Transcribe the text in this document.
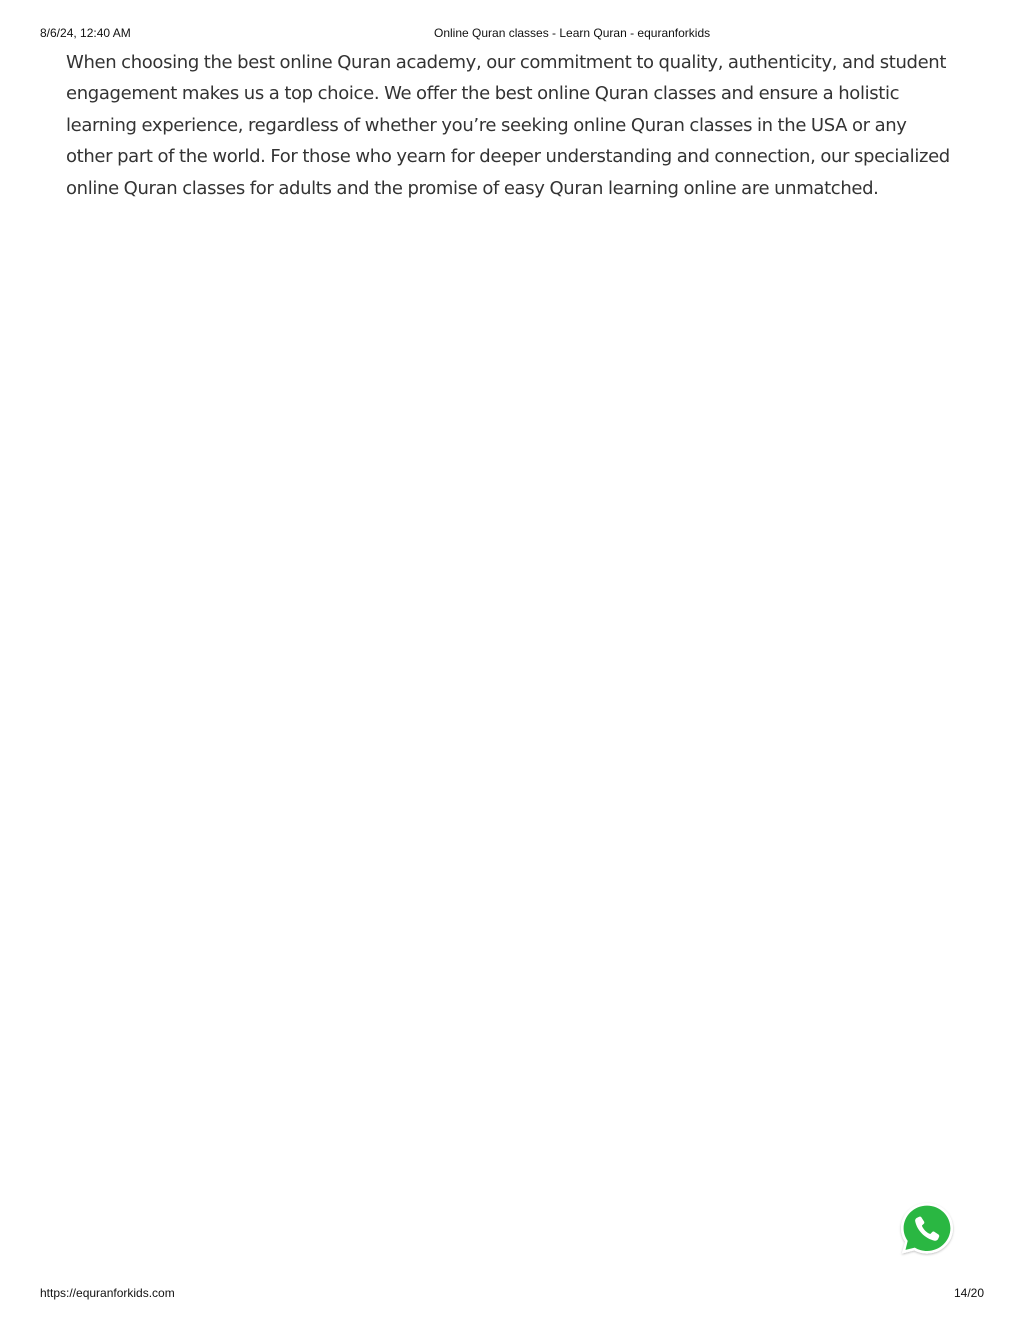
8/6/24, 12:40 AM	Online Quran classes - Learn Quran - equranforkids

When choosing the best online Quran academy, our commitment to quality, authenticity, and student engagement makes us a top choice. We offer the best online Quran classes and ensure a holistic learning experience, regardless of whether you’re seeking online Quran classes in the USA or any other part of the world. For those who yearn for deeper understanding and connection, our specialized online Quran classes for adults and the promise of easy Quran learning online are unmatched.

https://equranforkids.com	14/20
